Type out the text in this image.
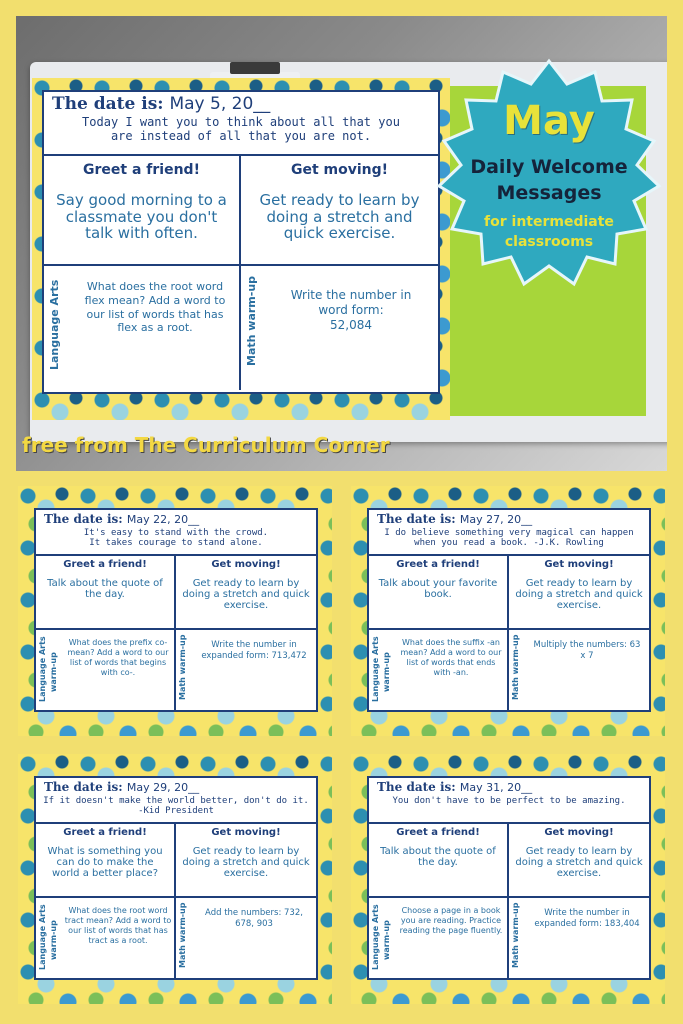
The date is: May 5, 20__
Today I want you to think about all that you
are instead of all that you are not.
Greet a friend!
Say good morning to a classmate you don't talk with often.
Get moving!
Get ready to learn by doing a stretch and quick exercise.
Language Arts	What does the root word flex mean? Add a word to our list of words that has flex as a root.	Math warm-up	Write the number in word form:
52,084
May
Daily Welcome
Messages
for intermediate
classrooms
free from The Curriculum Corner
The date is: May 22, 20__
It's easy to stand with the crowd.
It takes courage to stand alone.
Greet a friend!
Talk about the quote of the day.
Get moving!
Get ready to learn by doing a stretch and quick exercise.
Language Arts warm-up
What does the prefix co- mean? Add a word to our list of words that begins with co-.	Math warm-up	Write the number in expanded form: 713,472
The date is: May 27, 20__
I do believe something very magical can happen
when you read a book. -J.K. Rowling
Greet a friend!
Talk about your favorite book.
Get moving!
Get ready to learn by doing a stretch and quick exercise.
Language Arts warm-up
What does the suffix -an mean? Add a word to our list of words that ends with -an.	Math warm-up Multiply the numbers: 63 x 7
The date is: May 29, 20__
If it doesn't make the world better, don't do it.
-Kid President
Greet a friend!
What is something you can do to make the world a better place?
Get moving!
Get ready to learn by doing a stretch and quick exercise.
Language Arts warm-up
What does the root word tract mean? Add a word to our list of words that has tract as a root.	Math warm-up	Add the numbers: 732, 678, 903
The date is: May 31, 20__
You don't have to be perfect to be amazing.
Greet a friend!
Talk about the quote of the day.
Get moving!
Get ready to learn by doing a stretch and quick exercise.
Language Arts warm-up
Choose a page in a book you are reading. Practice reading the page fluently.	Math warm-up	Write the number in expanded form: 183,404
